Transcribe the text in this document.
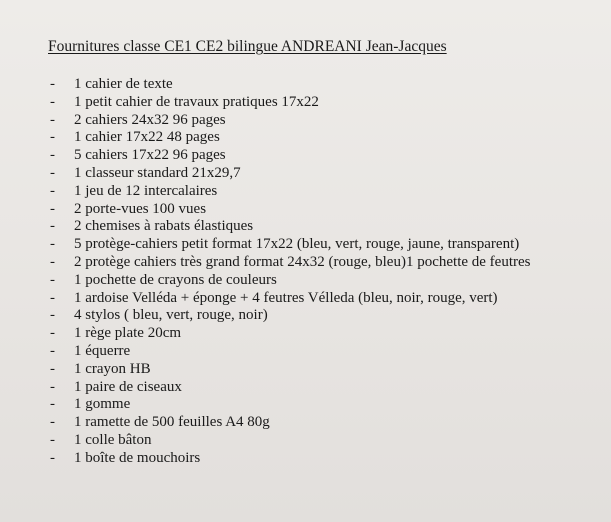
Fournitures classe CE1 CE2 bilingue ANDREANI Jean-Jacques
-	1 cahier de texte
-	1 petit cahier de travaux pratiques 17x22
-	2 cahiers 24x32 96 pages
-	1 cahier 17x22 48 pages
-	5 cahiers 17x22 96 pages
-	1 classeur standard 21x29,7
-	1 jeu de 12 intercalaires
-	2 porte-vues 100 vues
-	2 chemises à rabats élastiques
-	5 protège-cahiers petit format 17x22 (bleu, vert, rouge, jaune, transparent)
-	2 protège cahiers très grand format 24x32 (rouge, bleu)1 pochette de feutres
-	1 pochette de crayons de couleurs
-	1 ardoise Velléda + éponge + 4 feutres Vélleda (bleu, noir, rouge, vert)
-	4 stylos ( bleu, vert, rouge, noir)
-	1 rège plate 20cm
-	1 équerre
-	1 crayon HB
-	1 paire de ciseaux
-	1 gomme
-	1 ramette de 500 feuilles A4 80g
-	1 colle bâton
-	1 boîte de mouchoirs
